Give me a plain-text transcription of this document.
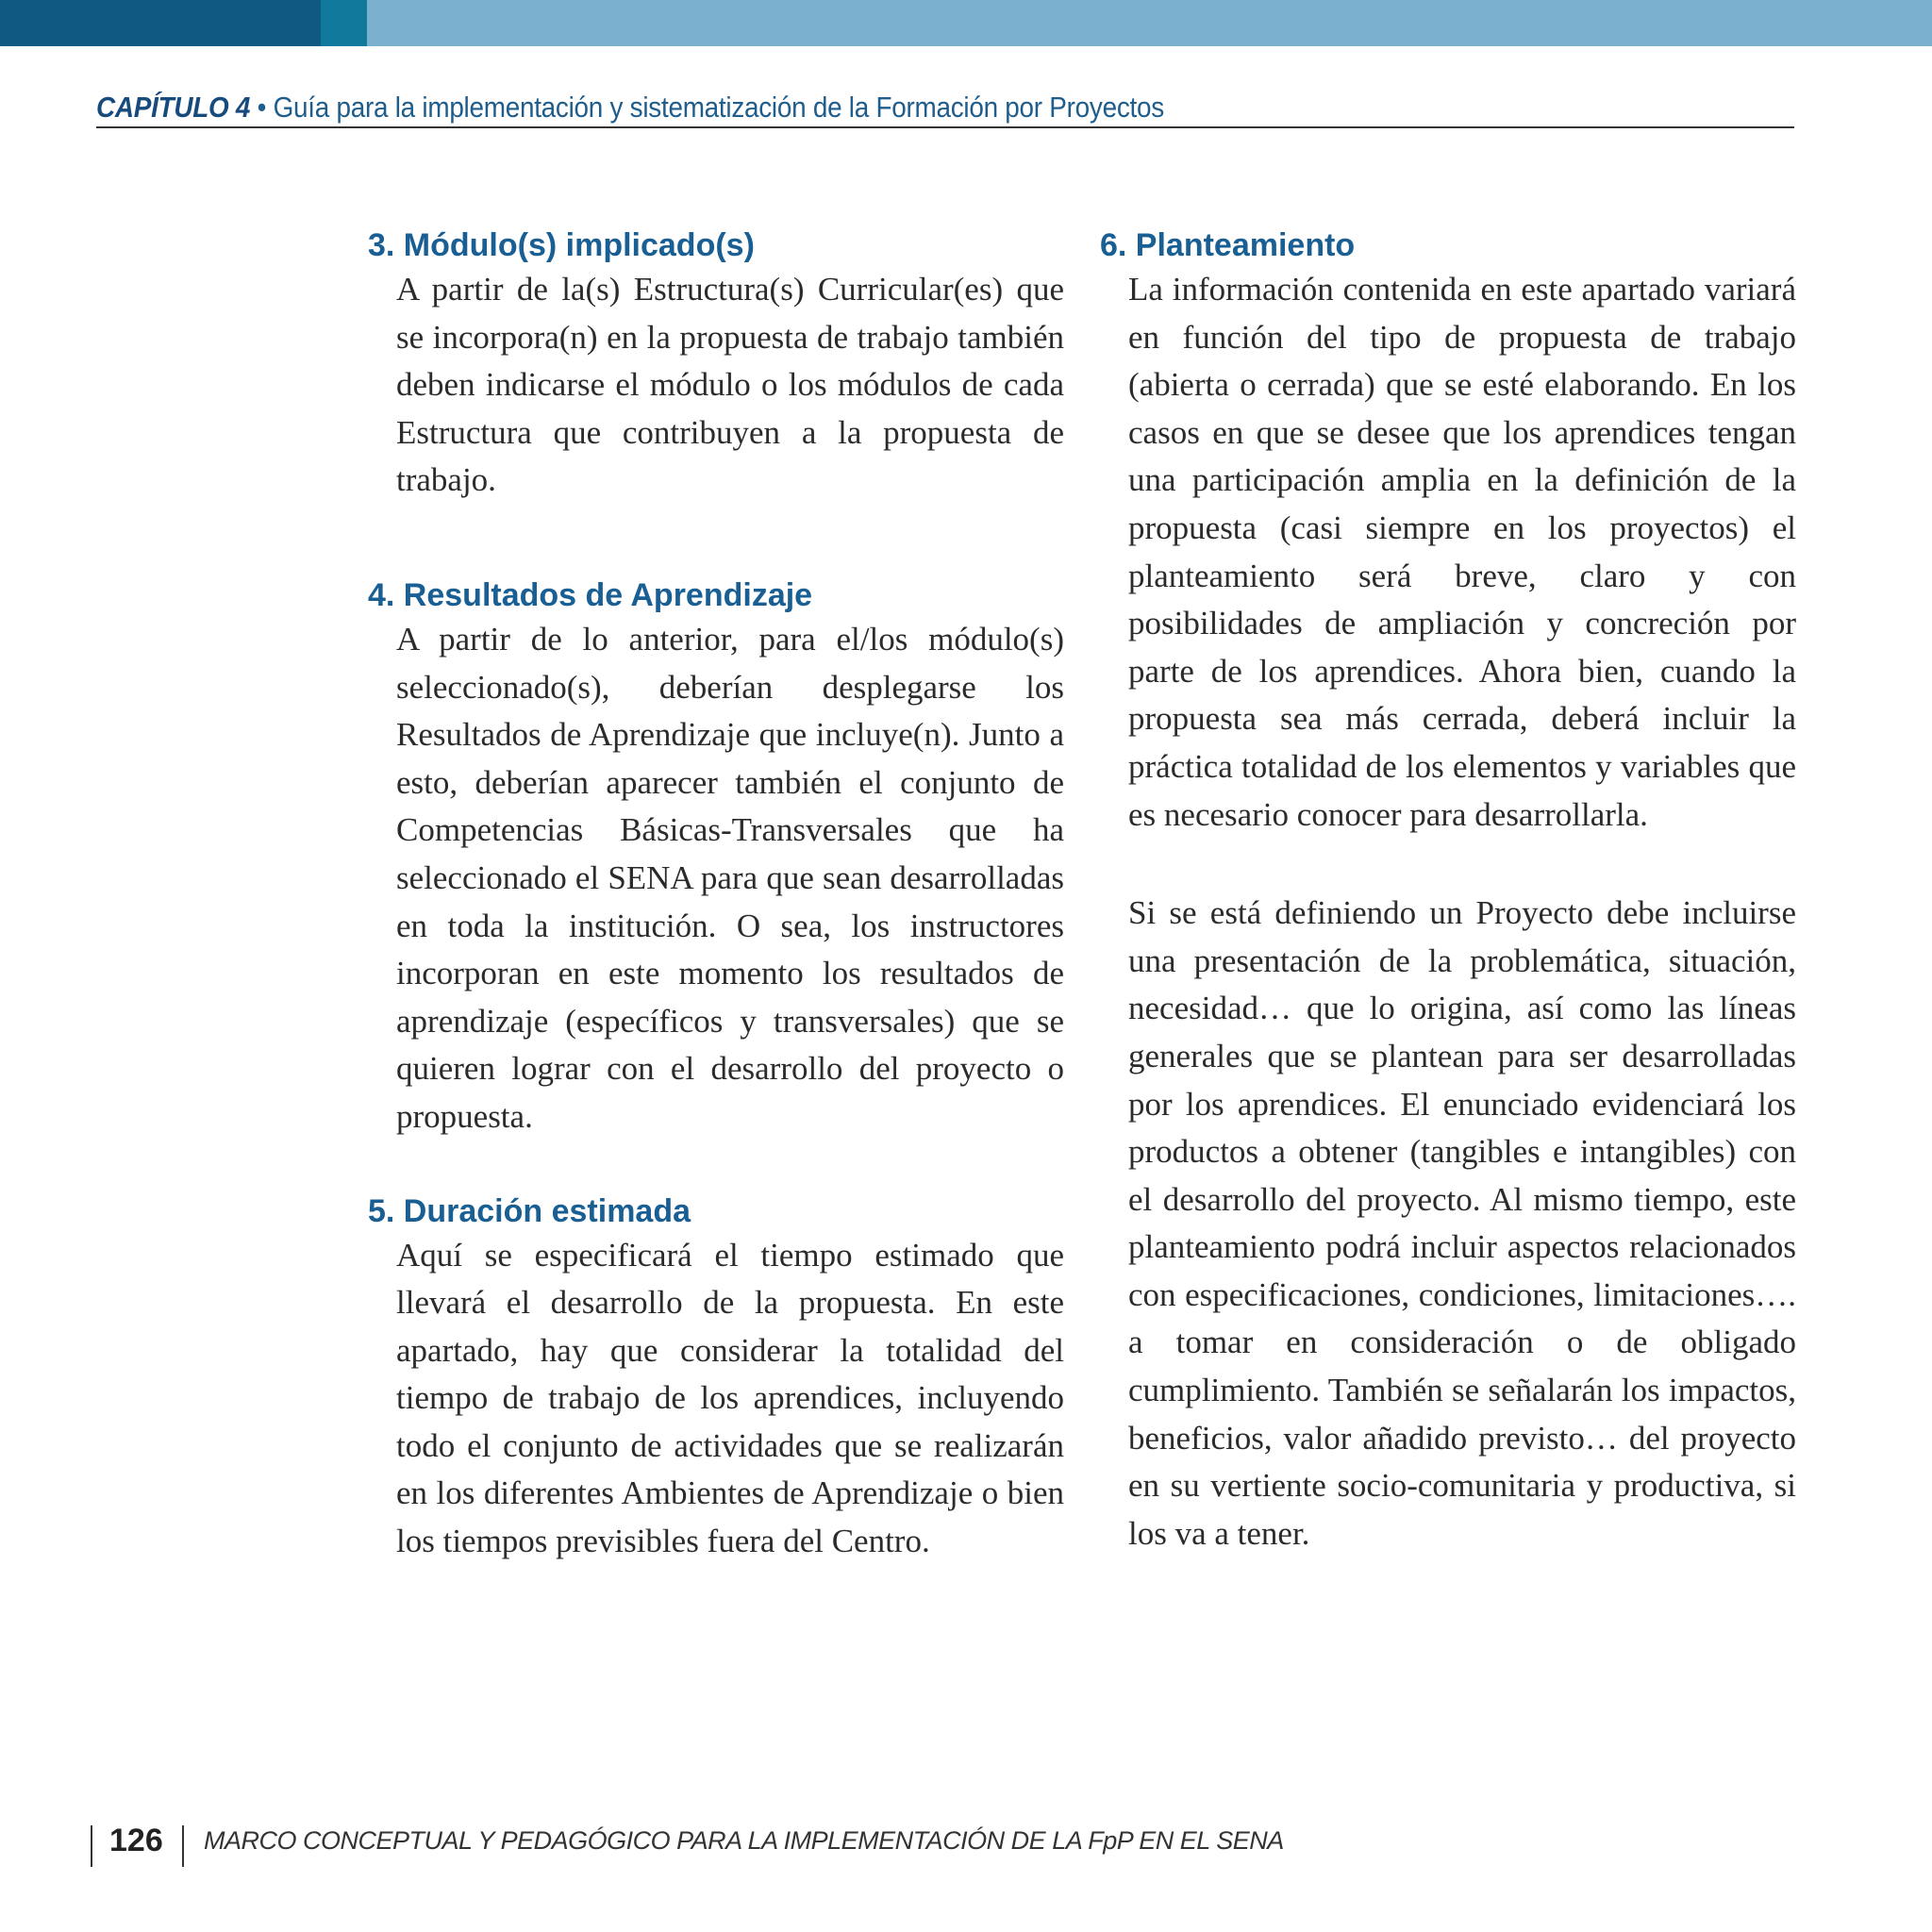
CAPÍTULO 4 • Guía para la implementación y sistematización de la Formación por Proyectos
3. Módulo(s) implicado(s)

A partir de la(s) Estructura(s) Curricular(es) que se incorpora(n) en la propuesta de trabajo también deben indicarse el módulo o los módulos de cada Estructura que contribuyen a la propuesta de trabajo.

4. Resultados de Aprendizaje

A partir de lo anterior, para el/los módulo(s) seleccionado(s), deberían desplegarse los Resultados de Aprendizaje que incluye(n). Junto a esto, deberían aparecer también el conjunto de Competencias Básicas-Transversales que ha seleccionado el SENA para que sean desarrolladas en toda la institución. O sea, los instructores incorporan en este momento los resultados de aprendizaje (específicos y transversales) que se quieren lograr con el desarrollo del proyecto o propuesta.

5. Duración estimada

Aquí se especificará el tiempo estimado que llevará el desarrollo de la propuesta. En este apartado, hay que considerar la totalidad del tiempo de trabajo de los aprendices, incluyendo todo el conjunto de actividades que se realizarán en los diferentes Ambientes de Aprendizaje o bien los tiempos previsibles fuera del Centro.

6. Planteamiento

La información contenida en este apartado variará en función del tipo de propuesta de trabajo (abierta o cerrada) que se esté elaborando. En los casos en que se desee que los aprendices tengan una participación amplia en la definición de la propuesta (casi siempre en los proyectos) el planteamiento será breve, claro y con posibilidades de ampliación y concreción por parte de los aprendices. Ahora bien, cuando la propuesta sea más cerrada, deberá incluir la práctica totalidad de los elementos y variables que es necesario conocer para desarrollarla.

Si se está definiendo un Proyecto debe incluirse una presentación de la problemática, situación, necesidad… que lo origina, así como las líneas generales que se plantean para ser desarrolladas por los aprendices. El enunciado evidenciará los productos a obtener (tangibles e intangibles) con el desarrollo del proyecto. Al mismo tiempo, este planteamiento podrá incluir aspectos relacionados con especificaciones, condiciones, limitaciones…. a tomar en consideración o de obligado cumplimiento. También se señalarán los impactos, beneficios, valor añadido previsto… del proyecto en su vertiente socio-comunitaria y productiva, si los va a tener.

126 MARCO CONCEPTUAL Y PEDAGÓGICO PARA LA IMPLEMENTACIÓN DE LA FpP EN EL SENA
